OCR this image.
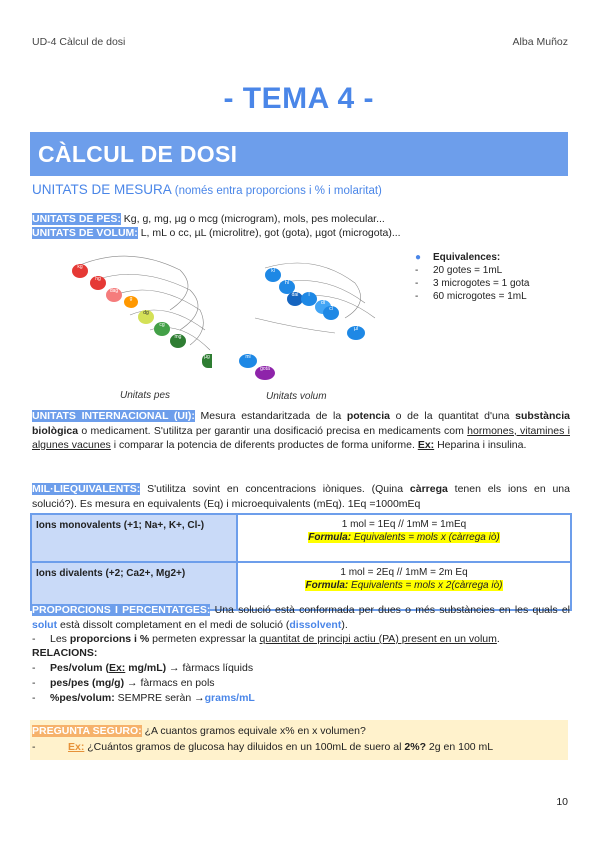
UD-4 Càlcul de dosi	Alba Muñoz
- TEMA 4 -
CÀLCUL DE DOSI
UNITATS DE MESURA (només entra proporcions i % i molaritat)
UNITATS DE PES: Kg, g, mg, µg o mcg (microgram), mols, pes molecular...
UNITATS DE VOLUM: L, mL o cc, µL (microlitre), got (gota), µgot (microgota)...
kg
hg
dag
g
dg
cg
mg
µg
Unitats pes
kl
hl
dal	l
dl
cl
ml
µl
gota
Unitats volum
● Equivalences:
- 20 gotes = 1mL
- 3 microgotes = 1 gota
- 60 microgotes = 1mL
UNITATS INTERNACIONAL (UI): Mesura estandaritzada de la potencia o de la quantitat d'una substància biològica o medicament. S'utilitza per garantir una dosificació precisa en medicaments com hormones, vitamines i algunes vacunes i comparar la potencia de diferents productes de forma uniforme. Ex: Heparina i insulina.
MIL·LIEQUIVALENTS: S'utilitza sovint en concentracions iòniques. (Quina càrrega tenen els ions en una solució?). Es mesura en equivalents (Eq) i microequivalents (mEq). 1Eq =1000mEq
Ions monovalents (+1; Na+, K+, Cl-)	1 mol = 1Eq // 1mM = 1mEq
Formula: Equivalents = mols x (càrrega iò)

Ions divalents (+2; Ca2+, Mg2+)	1 mol = 2Eq // 1mM = 2m Eq
Formula: Equivalents = mols x 2(càrrega iò)
PROPORCIONS I PERCENTATGES: Una solució està conformada per dues o més substàncies en les quals el solut està dissolt completament en el medi de solució (dissolvent).
- Les proporcions i % permeten expressar la quantitat de principi actiu (PA) present en un volum.
RELACIONS:
- Pes/volum (Ex: mg/mL) → fàrmacs líquids
- pes/pes (mg/g) → fàrmacs en pols
- %pes/volum: SEMPRE seràn →grams/mL
PREGUNTA SEGURO: ¿A cuantos gramos equivale x% en x volumen?
-	Ex: ¿Cuántos gramos de glucosa hay diluidos en un 100mL de suero al 2%? 2g en 100 mL
10
